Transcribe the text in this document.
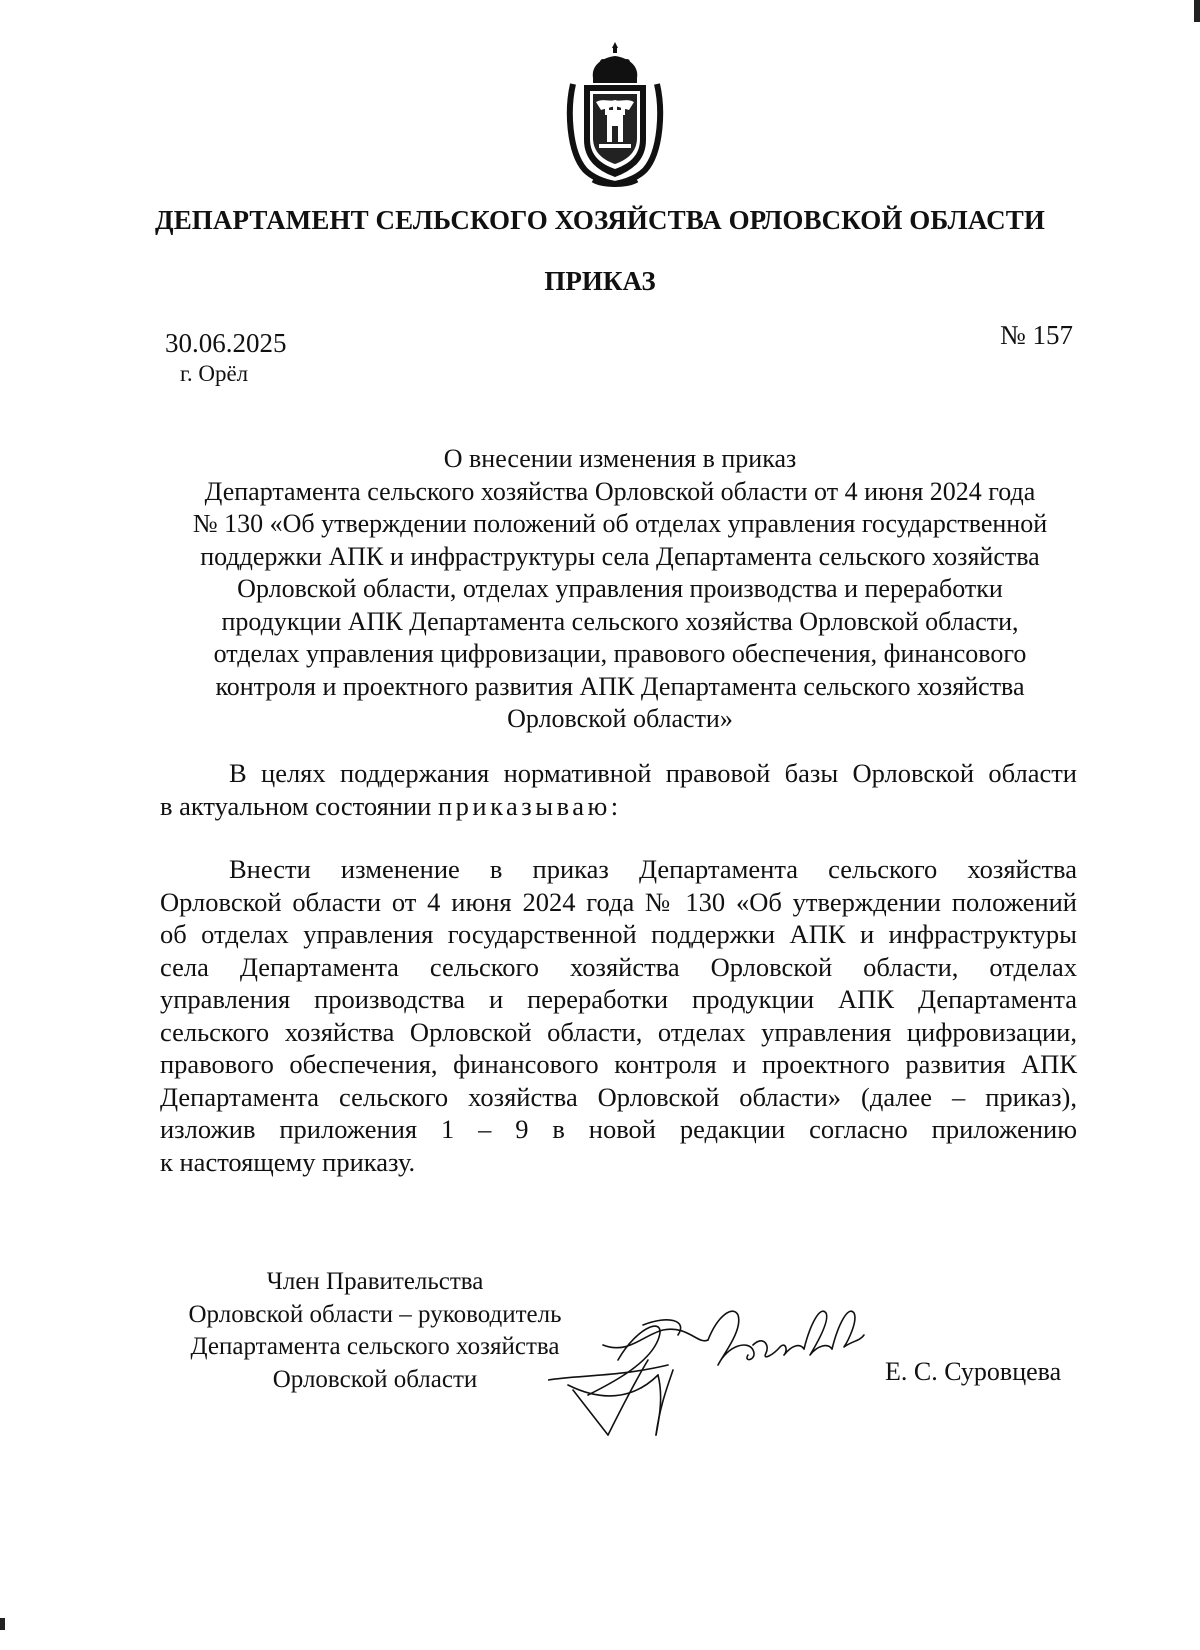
ДЕПАРТАМЕНТ СЕЛЬСКОГО ХОЗЯЙСТВА ОРЛОВСКОЙ ОБЛАСТИ
ПРИКАЗ
30.06.2025	№ 157
г. Орёл
О внесении изменения в приказ
Департамента сельского хозяйства Орловской области от 4 июня 2024 года
№ 130 «Об утверждении положений об отделах управления государственной
поддержки АПК и инфраструктуры села Департамента сельского хозяйства
Орловской области, отделах управления производства и переработки
продукции АПК Департамента сельского хозяйства Орловской области,
отделах управления цифровизации, правового обеспечения, финансового
контроля и проектного развития АПК Департамента сельского хозяйства
Орловской области»
В целях поддержания нормативной правовой базы Орловской области
в актуальном состоянии приказываю:
Внести изменение в приказ Департамента сельского хозяйства
Орловской области от 4 июня 2024 года № 130 «Об утверждении положений
об отделах управления государственной поддержки АПК и инфраструктуры
села Департамента сельского хозяйства Орловской области, отделах
управления производства и переработки продукции АПК Департамента
сельского хозяйства Орловской области, отделах управления цифровизации,
правового обеспечения, финансового контроля и проектного развития АПК
Департамента сельского хозяйства Орловской области» (далее – приказ),
изложив приложения 1 – 9 в новой редакции согласно приложению
к настоящему приказу.
Член Правительства
Орловской области – руководитель
Департамента сельского хозяйства
Орловской области	Е. С. Суровцева
